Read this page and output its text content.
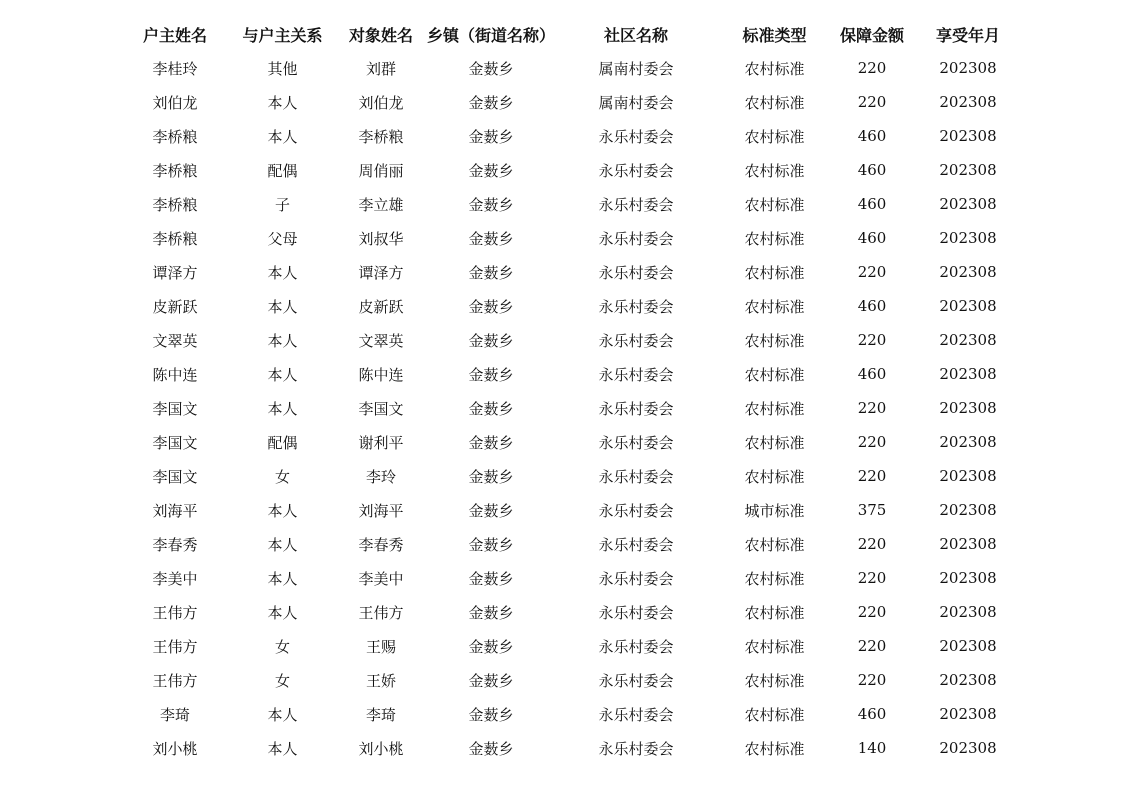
户主姓名	与户主关系	对象姓名	乡镇（街道名称）	社区名称	标准类型	保障金额	享受年月
李桂玲	其他	刘群	金薮乡	属南村委会	农村标准	220	202308
刘伯龙	本人	刘伯龙	金薮乡	属南村委会	农村标准	220	202308
李桥粮	本人	李桥粮	金薮乡	永乐村委会	农村标准	460	202308
李桥粮	配偶	周俏丽	金薮乡	永乐村委会	农村标准	460	202308
李桥粮	子	李立雄	金薮乡	永乐村委会	农村标准	460	202308
李桥粮	父母	刘叔华	金薮乡	永乐村委会	农村标准	460	202308
谭泽方	本人	谭泽方	金薮乡	永乐村委会	农村标准	220	202308
皮新跃	本人	皮新跃	金薮乡	永乐村委会	农村标准	460	202308
文翠英	本人	文翠英	金薮乡	永乐村委会	农村标准	220	202308
陈中连	本人	陈中连	金薮乡	永乐村委会	农村标准	460	202308
李国文	本人	李国文	金薮乡	永乐村委会	农村标准	220	202308
李国文	配偶	谢利平	金薮乡	永乐村委会	农村标准	220	202308
李国文	女	李玲	金薮乡	永乐村委会	农村标准	220	202308
刘海平	本人	刘海平	金薮乡	永乐村委会	城市标准	375	202308
李春秀	本人	李春秀	金薮乡	永乐村委会	农村标准	220	202308
李美中	本人	李美中	金薮乡	永乐村委会	农村标准	220	202308
王伟方	本人	王伟方	金薮乡	永乐村委会	农村标准	220	202308
王伟方	女	王赐	金薮乡	永乐村委会	农村标准	220	202308
王伟方	女	王娇	金薮乡	永乐村委会	农村标准	220	202308
李琦	本人	李琦	金薮乡	永乐村委会	农村标准	460	202308
刘小桃	本人	刘小桃	金薮乡	永乐村委会	农村标准	140	202308
